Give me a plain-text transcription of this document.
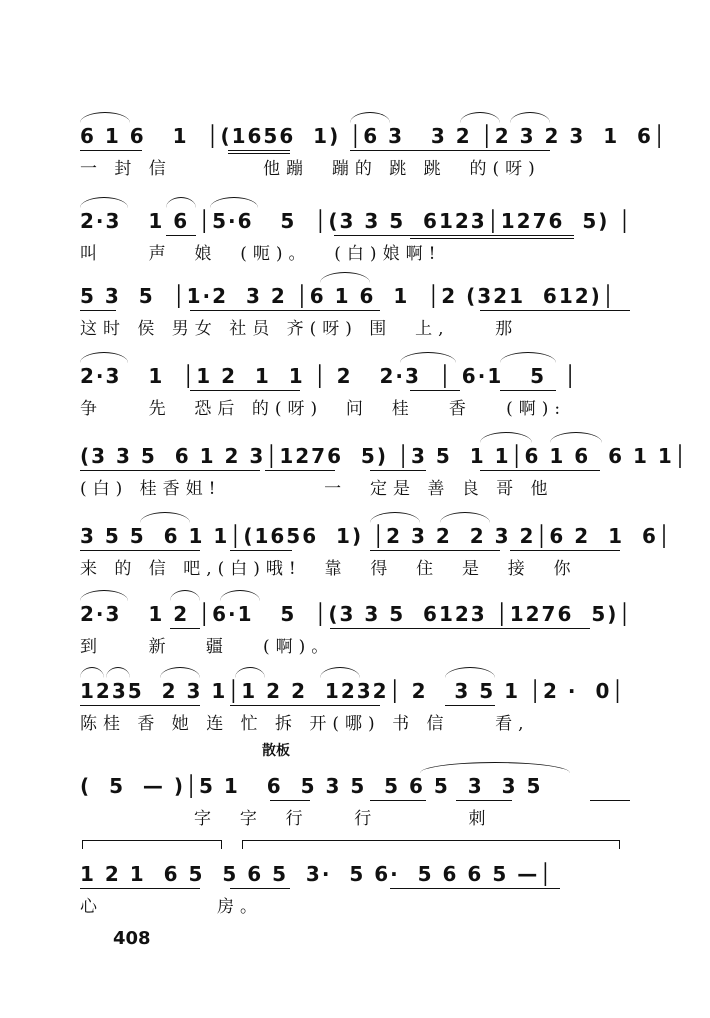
6 1 6   1  │(1656  1) │6 3   3 2 │2 3 2 3  1  6│
一 封 信        他蹦  蹦的 跳 跳  的(呀)
2·3   1 6 │5·6   5  │(3 3 5  6123│1276  5) │
叫    声  娘  (呃)。  (白)娘啊!
5 3  5  │1·2  3 2 │6 1 6  1  │2 (321  612)│
这时 侯 男女 社员 齐(呀) 围  上,    那
2·3   1  │1 2  1  1 │ 2   2·3  │ 6·1   5  │
争    先  恐后 的(呀)  问  桂   香   (啊):
(3 3 5  6 1 2 3│1276  5) │3 5  1 1│6 1 6  6 1 1│
(白) 桂香姐!         一  定是 善 良 哥 他
3 5 5  6 1 1│(1656  1) │2 3 2  2 3 2│6 2  1  6│
来 的 信 吧,(白)哦!  靠  得  住  是  接  你
2·3   1 2 │6·1   5  │(3 3 5  6123 │1276  5)│
到    新   疆   (啊)。
1235  2 3 1│1 2 2  1232│ 2   3 5 1 │2 ·  0│
陈桂 香 她 连 忙 拆 开(哪) 书 信    看,
散板
(  5  — )│5 1   6  5 3 5  5 6 5  3  3 5
字  字  行    行        刺
1 2 1  6 5  5 6 5  3·  5 6·  5 6 6 5 —│
心          房。
408
